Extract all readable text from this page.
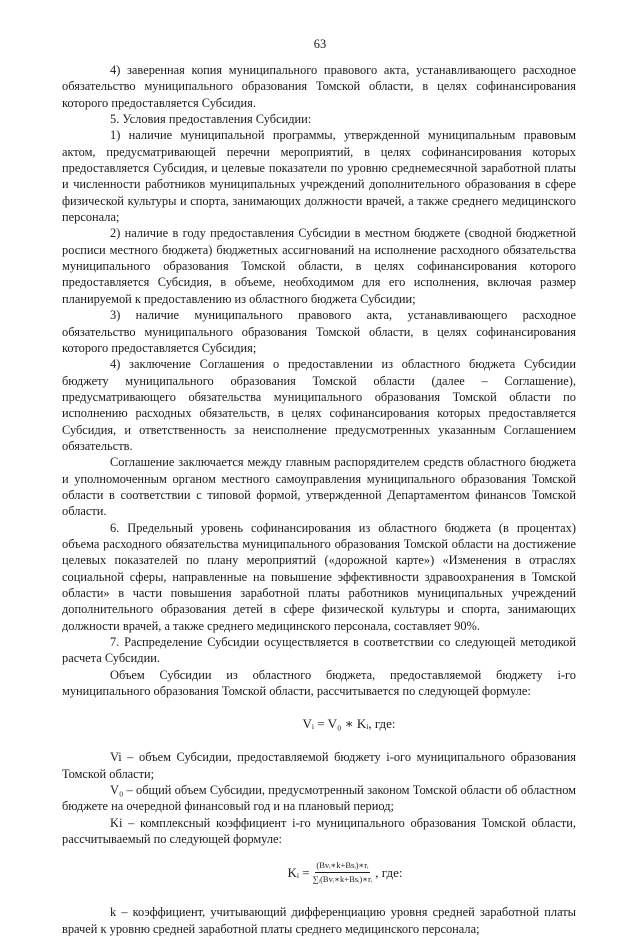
63

4) заверенная копия муниципального правового акта, устанавливающего расходное обязательство муниципального образования Томской области, в целях софинансирования которого предоставляется Субсидия.

5. Условия предоставления Субсидии:

1) наличие муниципальной программы, утвержденной муниципальным правовым актом, предусматривающей перечни мероприятий, в целях софинансирования которых предоставляется Субсидия, и целевые показатели по уровню среднемесячной заработной платы и численности работников муниципальных учреждений дополнительного образования в сфере физической культуры и спорта, занимающих должности врачей, а также среднего медицинского персонала;

2) наличие в году предоставления Субсидии в местном бюджете (сводной бюджетной росписи местного бюджета) бюджетных ассигнований на исполнение расходного обязательства муниципального образования Томской области, в целях софинансирования которого предоставляется Субсидия, в объеме, необходимом для его исполнения, включая размер планируемой к предоставлению из областного бюджета Субсидии;

3) наличие муниципального правового акта, устанавливающего расходное обязательство муниципального образования Томской области, в целях софинансирования которого предоставляется Субсидия;

4) заключение Соглашения о предоставлении из областного бюджета Субсидии бюджету муниципального образования Томской области (далее – Соглашение), предусматривающего обязательства муниципального образования Томской области по исполнению расходных обязательств, в целях софинансирования которых предоставляется Субсидия, и ответственность за неисполнение предусмотренных указанным Соглашением обязательств.

Соглашение заключается между главным распорядителем средств областного бюджета и уполномоченным органом местного самоуправления муниципального образования Томской области в соответствии с типовой формой, утвержденной Департаментом финансов Томской области.

6. Предельный уровень софинансирования из областного бюджета (в процентах) объема расходного обязательства муниципального образования Томской области на достижение целевых показателей по плану мероприятий («дорожной карте») «Изменения в отраслях социальной сферы, направленные на повышение эффективности здравоохранения в Томской области» в части повышения заработной платы работников муниципальных учреждений дополнительного образования детей в сфере физической культуры и спорта, занимающих должности врачей, а также среднего медицинского персонала, составляет 90%.

7. Распределение Субсидии осуществляется в соответствии со следующей методикой расчета Субсидии.

Объем Субсидии из областного бюджета, предоставляемой бюджету i-го муниципального образования Томской области, рассчитывается по следующей формуле:

Vᵢ = V₀ ∗ Kᵢ, где:

Vi – объем Субсидии, предоставляемой бюджету i-ого муниципального образования Томской области;

V₀ – общий объем Субсидии, предусмотренный законом Томской области об областном бюджете на очередной финансовый год и на плановый период;

Ki – комплексный коэффициент i-го муниципального образования Томской области, рассчитываемый по следующей формуле:

Kᵢ = $\frac{\text{(Bvᵢ∗k+Bsᵢ)∗rᵢ}}{\text{∑ᵢ(Bvᵢ∗k+Bsᵢ)∗rᵢ}}$ , где:

k – коэффициент, учитывающий дифференциацию уровня средней заработной платы врачей к уровню средней заработной платы среднего медицинского персонала;
